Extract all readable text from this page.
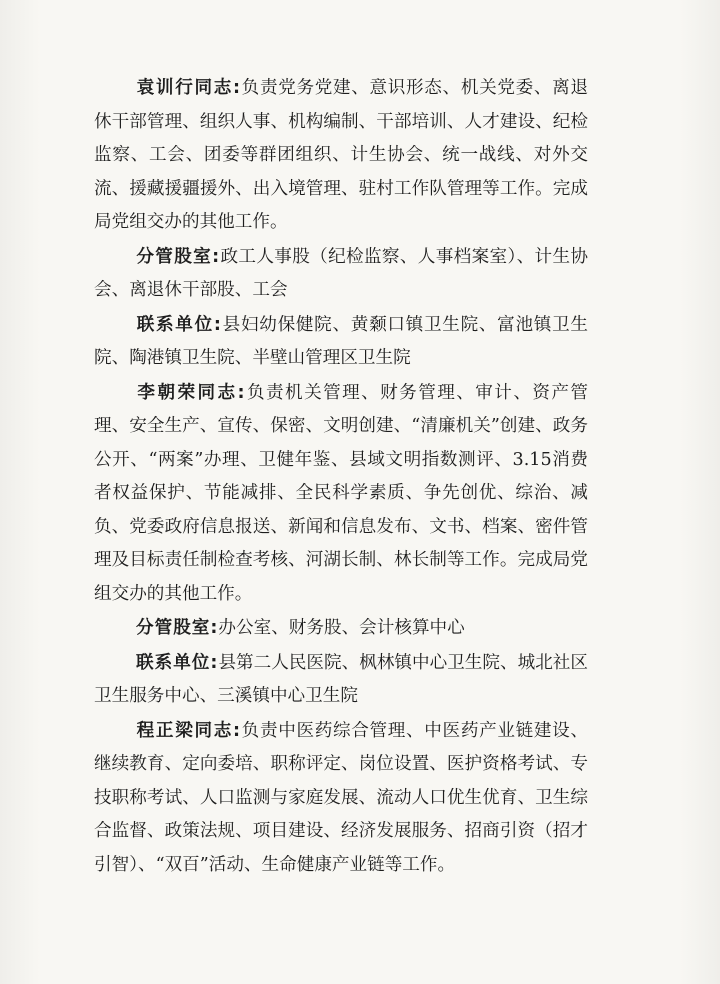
袁训行同志:负责党务党建、意识形态、机关党委、离退休干部管理、组织人事、机构编制、干部培训、人才建设、纪检监察、工会、团委等群团组织、计生协会、统一战线、对外交流、援藏援疆援外、出入境管理、驻村工作队管理等工作。完成局党组交办的其他工作。

分管股室:政工人事股（纪检监察、人事档案室）、计生协会、离退休干部股、工会

联系单位:县妇幼保健院、黄颡口镇卫生院、富池镇卫生院、陶港镇卫生院、半壁山管理区卫生院

李朝荣同志:负责机关管理、财务管理、审计、资产管理、安全生产、宣传、保密、文明创建、“清廉机关”创建、政务公开、“两案”办理、卫健年鉴、县域文明指数测评、3.15消费者权益保护、节能减排、全民科学素质、争先创优、综治、减负、党委政府信息报送、新闻和信息发布、文书、档案、密件管理及目标责任制检查考核、河湖长制、林长制等工作。完成局党组交办的其他工作。

分管股室:办公室、财务股、会计核算中心

联系单位:县第二人民医院、枫林镇中心卫生院、城北社区卫生服务中心、三溪镇中心卫生院

程正梁同志:负责中医药综合管理、中医药产业链建设、继续教育、定向委培、职称评定、岗位设置、医护资格考试、专技职称考试、人口监测与家庭发展、流动人口优生优育、卫生综合监督、政策法规、项目建设、经济发展服务、招商引资（招才引智）、“双百”活动、生命健康产业链等工作。
